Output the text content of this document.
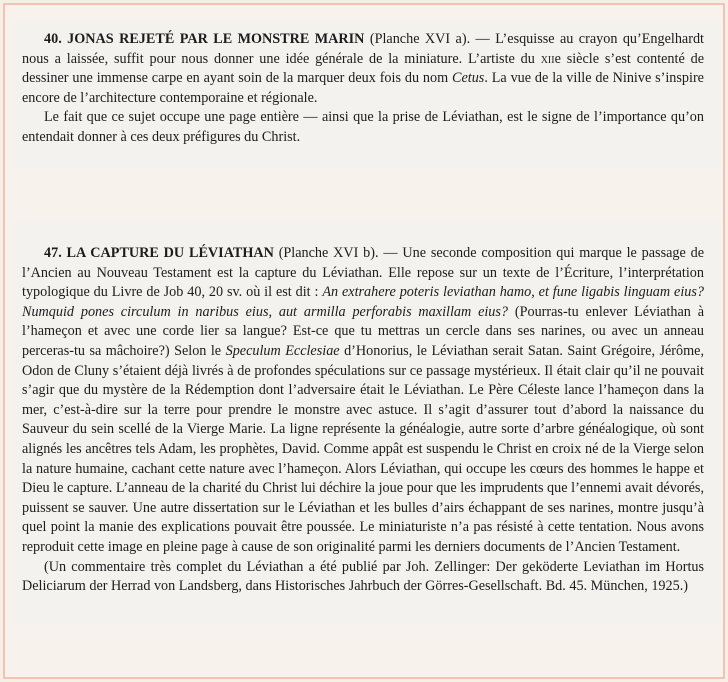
40. JONAS REJETÉ PAR LE MONSTRE MARIN (Planche XVI a). — L’esquisse au crayon qu’Engelhardt nous a laissée, suffit pour nous donner une idée générale de la miniature. L’artiste du xiie siècle s’est contenté de dessiner une immense carpe en ayant soin de la marquer deux fois du nom Cetus. La vue de la ville de Ninive s’inspire encore de l’architecture contemporaine et régionale.

Le fait que ce sujet occupe une page entière — ainsi que la prise de Léviathan, est le signe de l’importance qu’on entendait donner à ces deux préfigures du Christ.

47. LA CAPTURE DU LÉVIATHAN (Planche XVI b). — Une seconde composition qui marque le passage de l’Ancien au Nouveau Testament est la capture du Léviathan. Elle repose sur un texte de l’Écriture, l’interprétation typologique du Livre de Job 40, 20 sv. où il est dit : An extrahere poteris leviathan hamo, et fune ligabis linguam eius? Numquid pones circulum in naribus eius, aut armilla perforabis maxillam eius? (Pourras-tu enlever Léviathan à l’hameçon et avec une corde lier sa langue? Est-ce que tu mettras un cercle dans ses narines, ou avec un anneau perceras-tu sa mâchoire?) Selon le Speculum Ecclesiae d’Honorius, le Léviathan serait Satan. Saint Grégoire, Jérôme, Odon de Cluny s’étaient déjà livrés à de profondes spéculations sur ce passage mystérieux. Il était clair qu’il ne pouvait s’agir que du mystère de la Rédemption dont l’adversaire était le Léviathan. Le Père Céleste lance l’hameçon dans la mer, c’est-à-dire sur la terre pour prendre le monstre avec astuce. Il s’agit d’assurer tout d’abord la naissance du Sauveur du sein scellé de la Vierge Marie. La ligne représente la généalogie, autre sorte d’arbre généalogique, où sont alignés les ancêtres tels Adam, les prophètes, David. Comme appât est suspendu le Christ en croix né de la Vierge selon la nature humaine, cachant cette nature avec l’hameçon. Alors Léviathan, qui occupe les cœurs des hommes le happe et Dieu le capture. L’anneau de la charité du Christ lui déchire la joue pour que les imprudents que l’ennemi avait dévorés, puissent se sauver. Une autre dissertation sur le Léviathan et les bulles d’airs échappant de ses narines, montre jusqu’à quel point la manie des explications pouvait être poussée. Le miniaturiste n’a pas résisté à cette tentation. Nous avons reproduit cette image en pleine page à cause de son originalité parmi les derniers documents de l’Ancien Testament.

(Un commentaire très complet du Léviathan a été publié par Joh. Zellinger: Der geköderte Leviathan im Hortus Deliciarum der Herrad von Landsberg, dans Historisches Jahrbuch der Görres-Gesellschaft. Bd. 45. München, 1925.)
